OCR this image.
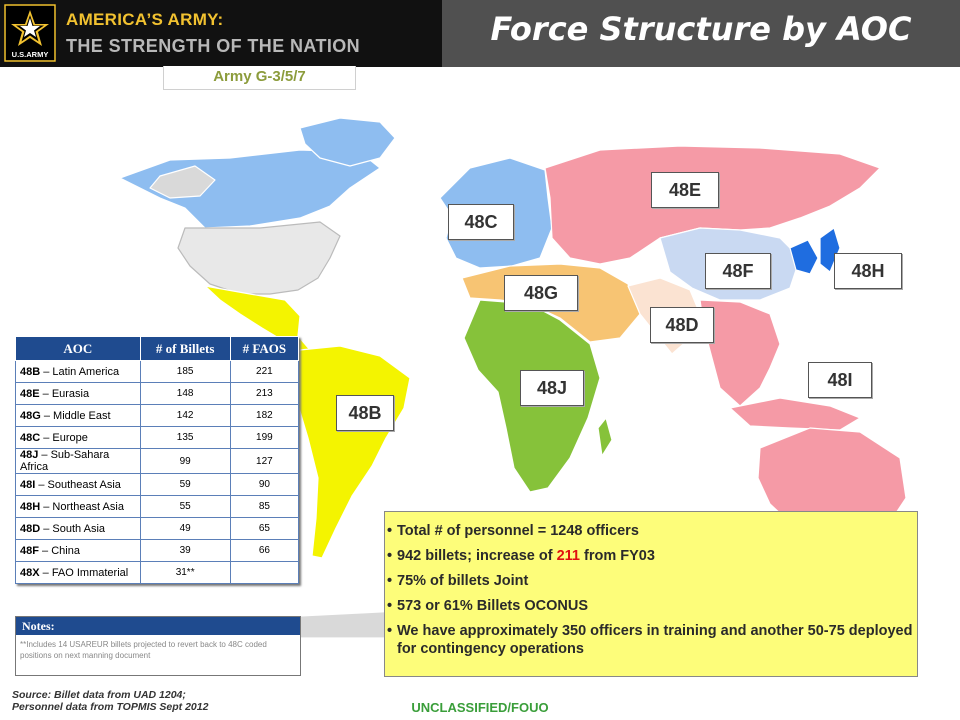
U.S.ARMY
AMERICA’S ARMY:
THE STRENGTH OF THE NATION	Force Structure by AOC
Army G-3/5/7
48E
48C
48F	48H
48G
48D
48I
48J
48B
AOC	# of Billets	# FAOS
48B – Latin America	185	221
48E – Eurasia	148	213
48G – Middle East	142	182
48C – Europe	135	199
48J – Sub-Sahara Africa	99	127
48I – Southeast Asia	59	90
48H – Northeast Asia	55	85
48D – South Asia	49	65
48F – China	39	66
48X – FAO Immaterial	31**	
Notes:
**Includes 14 USAREUR billets projected to revert back to 48C coded positions on next manning document
• Total # of personnel = 1248 officers
• 942 billets; increase of 211 from FY03
• 75% of billets Joint
• 573 or 61% Billets OCONUS
• We have approximately 350 officers in training and another 50-75 deployed for contingency operations
Source: Billet data from UAD 1204;
Personnel data from TOPMIS Sept 2012	UNCLASSIFIED/FOUO
